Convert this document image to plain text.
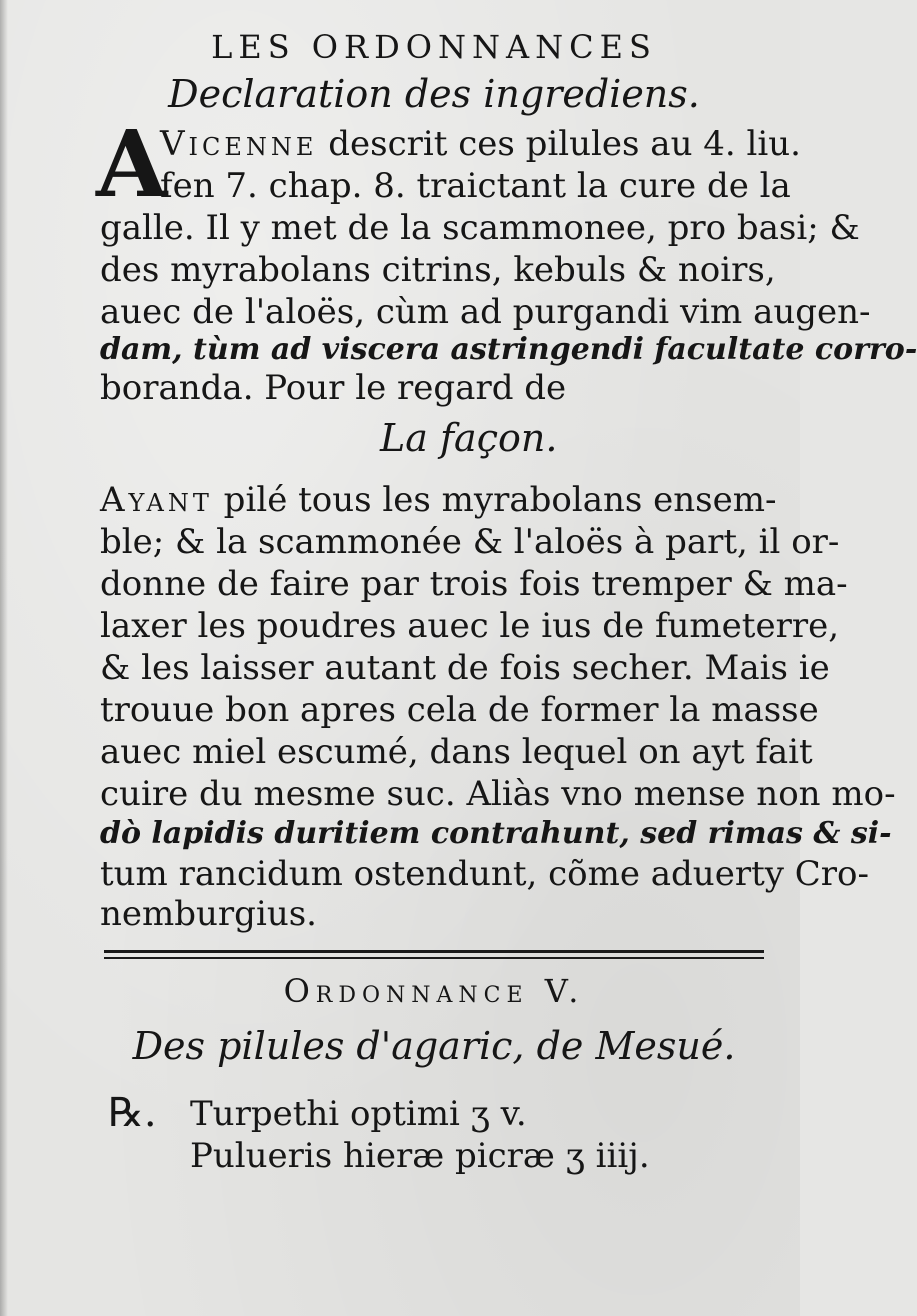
LES ORDONNANCES
Declaration des ingrediens.
A
Vicenne descrit ces pilules au 4. liu.
fen 7. chap. 8. traictant la cure de la
galle. Il y met de la scammonee, pro basi; &
des myrabolans citrins, kebuls & noirs,
auec de l'aloës, cùm ad purgandi vim augen-
dam, tùm ad viscera astringendi facultate corro-
boranda. Pour le regard de
La façon.
Ayant pilé tous les myrabolans ensem-
ble; & la scammonée & l'aloës à part, il or-
donne de faire par trois fois tremper & ma-
laxer les poudres auec le ius de fumeterre,
& les laisser autant de fois secher. Mais ie
trouue bon apres cela de former la masse
auec miel escumé, dans lequel on ayt fait
cuire du mesme suc. Aliàs vno mense non mo-
dò lapidis duritiem contrahunt, sed rimas & si-
tum rancidum ostendunt, cõme aduerty Cro-
nemburgius.
Ordonnance V.
Des pilules d'agaric, de Mesué.
℞. Turpethi optimi ʒ v.
Pulueris hieræ picræ ʒ iiij.
